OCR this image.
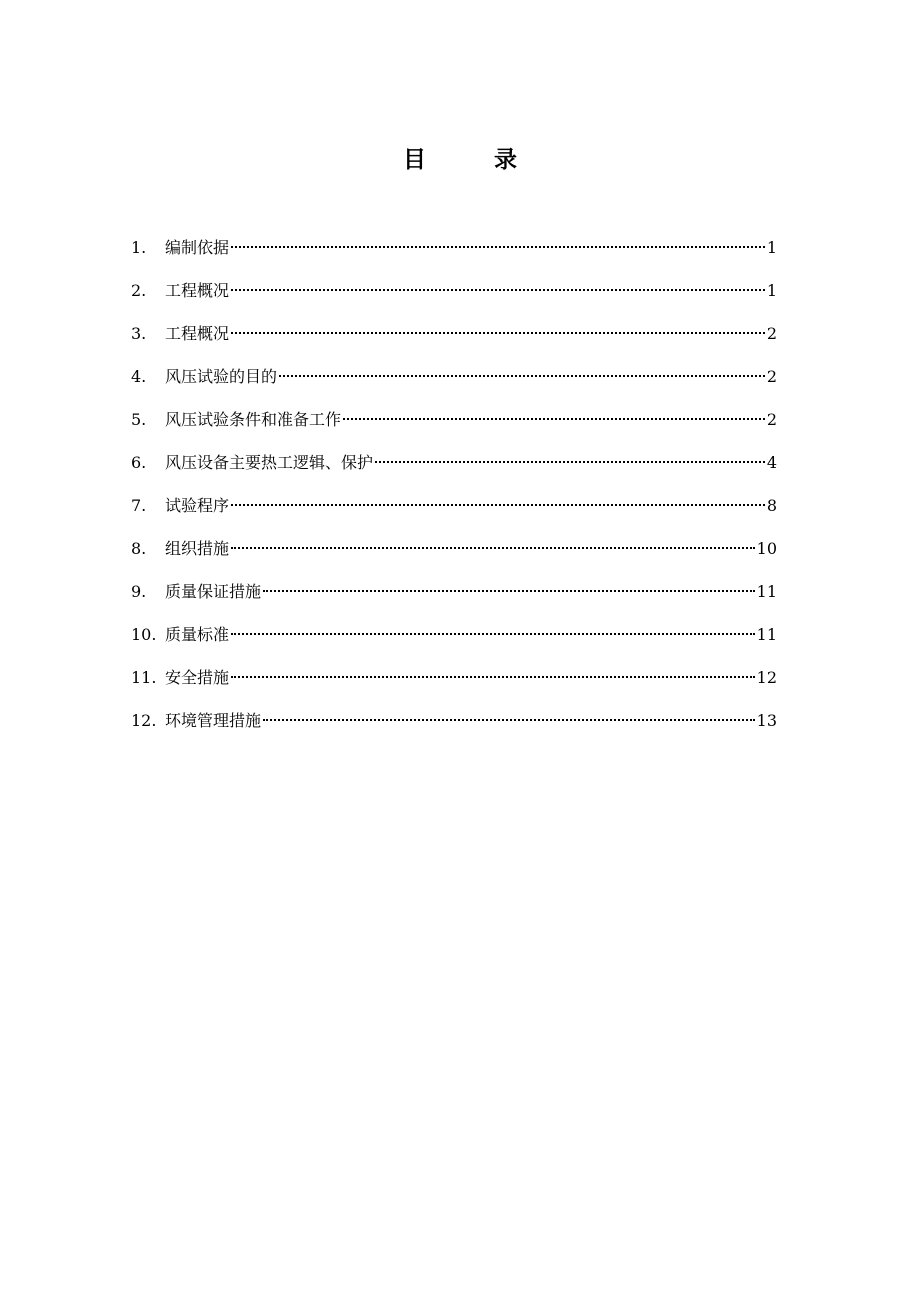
目	录
1.	编制依据	1
2.	工程概况	1
3.	工程概况	2
4.	风压试验的目的	2
5.	风压试验条件和准备工作	2
6.	风压设备主要热工逻辑、保护	4
7.	试验程序	8
8.	组织措施	10
9.	质量保证措施	11
10. 质量标准	11
11. 安全措施	12
12. 环境管理措施	13
